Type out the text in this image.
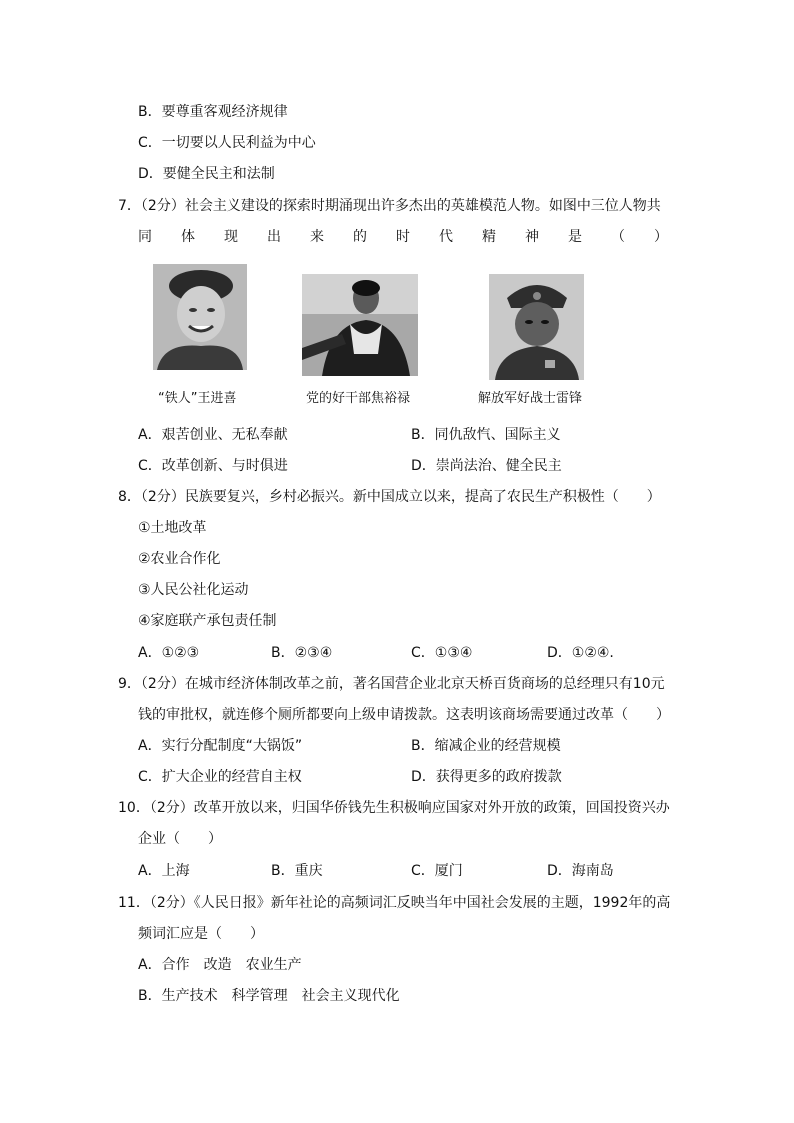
B．要尊重客观经济规律
C．一切要以人民利益为中心
D．要健全民主和法制
7．（2分）社会主义建设的探索时期涌现出许多杰出的英雄模范人物。如图中三位人物共
同 体 现 出 来 的 时 代 精 神 是 （ ）
“铁人”王进喜	党的好干部焦裕禄	解放军好战士雷锋
A．艰苦创业、无私奉献	B．同仇敌忾、国际主义
C．改革创新、与时俱进	D．崇尚法治、健全民主
8．（2分）民族要复兴，乡村必振兴。新中国成立以来，提高了农民生产积极性（　　）
①土地改革
②农业合作化
③人民公社化运动
④家庭联产承包责任制
A．①②③	B．②③④	C．①③④	D．①②④.
9．（2分）在城市经济体制改革之前，著名国营企业北京天桥百货商场的总经理只有10元
钱的审批权，就连修个厕所都要向上级申请拨款。这表明该商场需要通过改革（　　）
A．实行分配制度“大锅饭”	B．缩减企业的经营规模
C．扩大企业的经营自主权	D．获得更多的政府拨款
10．（2分）改革开放以来，归国华侨钱先生积极响应国家对外开放的政策，回国投资兴办
企业（　　）
A．上海	B．重庆	C．厦门	D．海南岛
11．（2分）《人民日报》新年社论的高频词汇反映当年中国社会发展的主题，1992年的高
频词汇应是（　　）
A．合作　改造　农业生产
B．生产技术　科学管理　社会主义现代化
